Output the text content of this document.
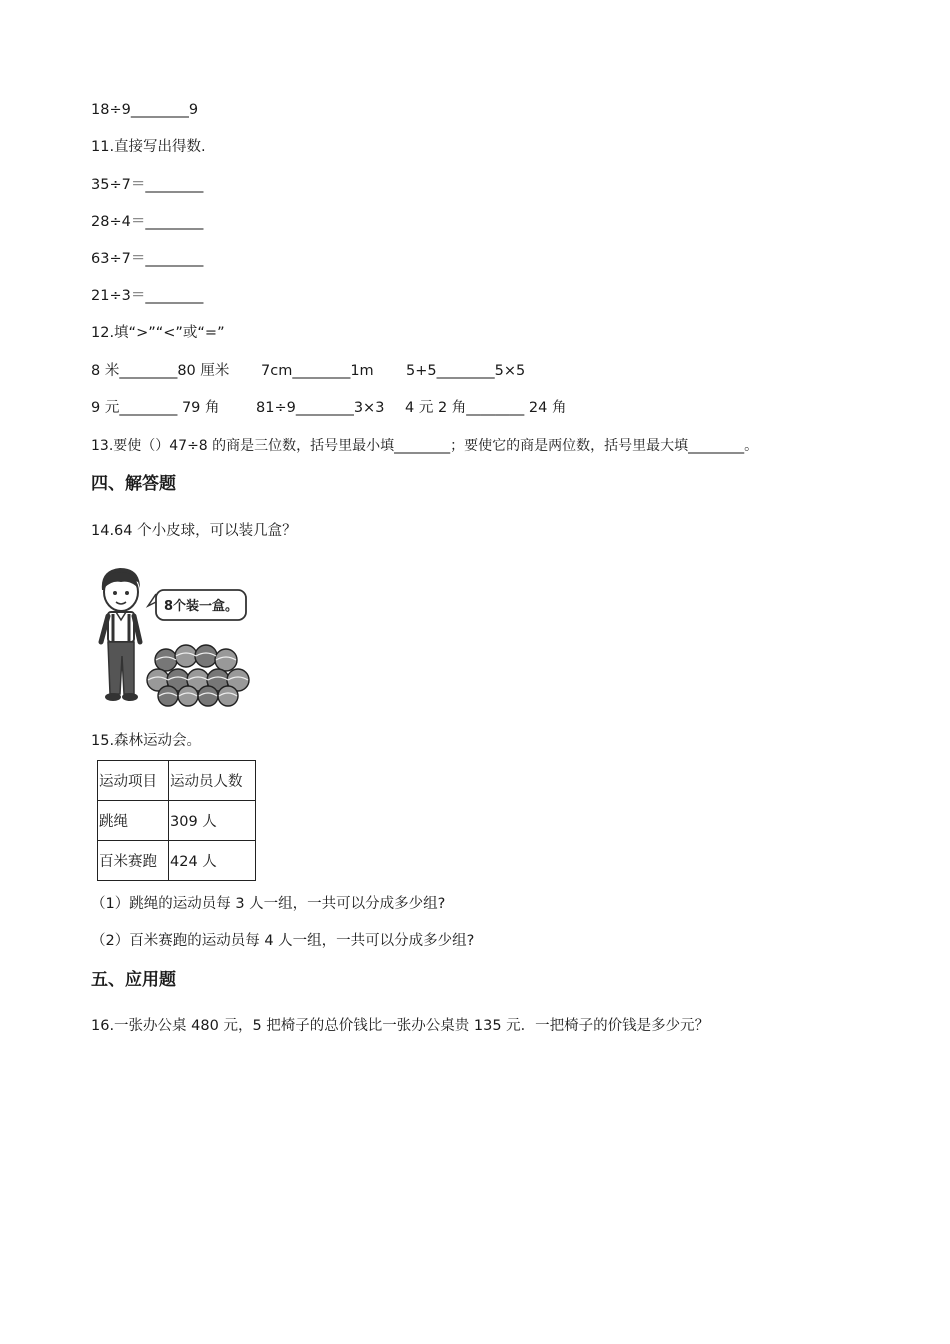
18÷9________9
11.直接写出得数.
35÷7＝________
28÷4＝________
63÷7＝________
21÷3＝________
12.填“>”“<”或“=”
8 米________80 厘米 7cm________1m 5+5________5×5
9 元________ 79 角	81÷9________3×3 4 元 2 角________ 24 角
13.要使（）47÷8 的商是三位数，括号里最小填________；要使它的商是两位数，括号里最大填________。
四、解答题
14.64 个小皮球，可以装几盒？
8个装一盒。
15.森林运动会。
运动项目	运动员人数
跳绳	309 人
百米赛跑	424 人
（1）跳绳的运动员每 3 人一组，一共可以分成多少组?
（2）百米赛跑的运动员每 4 人一组，一共可以分成多少组?
五、应用题
16.一张办公桌 480 元，5 把椅子的总价钱比一张办公桌贵 135 元．一把椅子的价钱是多少元？
